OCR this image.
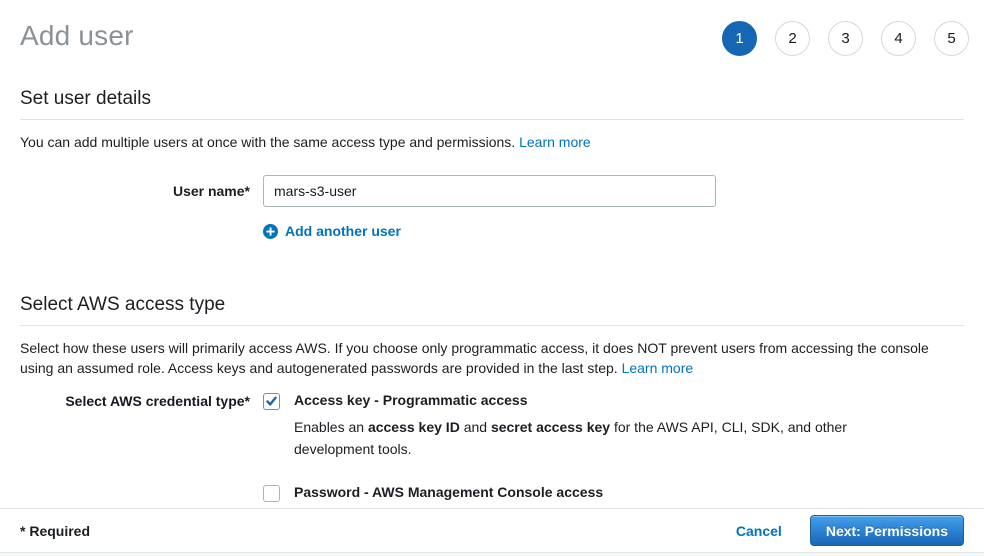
Add user	1	2	3	4	5
Set user details

You can add multiple users at once with the same access type and permissions. Learn more

User name*
mars-s3-user
Add another user
Select AWS access type

Select how these users will primarily access AWS. If you choose only programmatic access, it does NOT prevent users from accessing the console using an assumed role. Access keys and autogenerated passwords are provided in the last step. Learn more

Select AWS credential type*	Access key - Programmatic access
Enables an access key ID and secret access key for the AWS API, CLI, SDK, and other development tools.
Password - AWS Management Console access
* Required	Cancel	Next: Permissions
